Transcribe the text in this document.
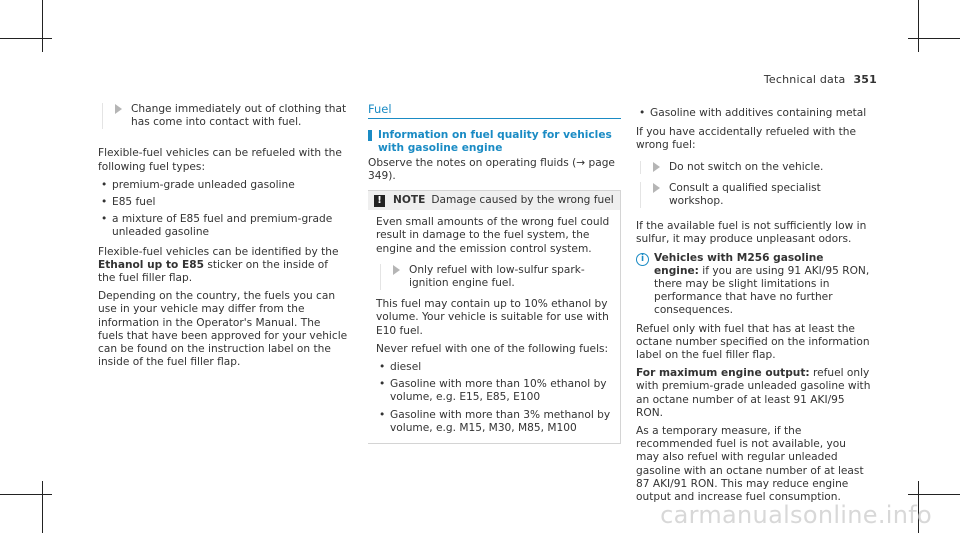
Technical data 351
Change immediately out of clothing that has come into contact with fuel.

Flexible-fuel vehicles can be refueled with the following fuel types:

• premium-grade unleaded gasoline
• E85 fuel
• a mixture of E85 fuel and premium-grade unleaded gasoline

Flexible-fuel vehicles can be identified by the Ethanol up to E85 sticker on the inside of the fuel filler flap.

Depending on the country, the fuels you can use in your vehicle may differ from the information in the Operator's Manual. The fuels that have been approved for your vehicle can be found on the instruction label on the inside of the fuel filler flap.

Fuel
Information on fuel quality for vehicles with gasoline engine

Observe the notes on operating fluids (→ page 349).

!	NOTE Damage caused by the wrong fuel

Even small amounts of the wrong fuel could result in damage to the fuel system, the engine and the emission control system.

Only refuel with low-sulfur spark-ignition engine fuel.

This fuel may contain up to 10% ethanol by volume. Your vehicle is suitable for use with E10 fuel.

Never refuel with one of the following fuels:

• diesel
• Gasoline with more than 10% ethanol by volume, e.g. E15, E85, E100
• Gasoline with more than 3% methanol by volume, e.g. M15, M30, M85, M100
• Gasoline with additives containing metal

If you have accidentally refueled with the wrong fuel:

Do not switch on the vehicle.
Consult a qualified specialist workshop.

If the available fuel is not sufficiently low in sulfur, it may produce unpleasant odors.

i Vehicles with M256 gasoline engine: if you are using 91 AKI/95 RON, there may be slight limitations in performance that have no further consequences.

Refuel only with fuel that has at least the octane number specified on the information label on the fuel filler flap.

For maximum engine output: refuel only with premium-grade unleaded gasoline with an octane number of at least 91 AKI/95 RON.

As a temporary measure, if the recommended fuel is not available, you may also refuel with regular unleaded gasoline with an octane number of at least 87 AKI/91 RON. This may reduce engine output and increase fuel consumption.

carmanualsonline.info
